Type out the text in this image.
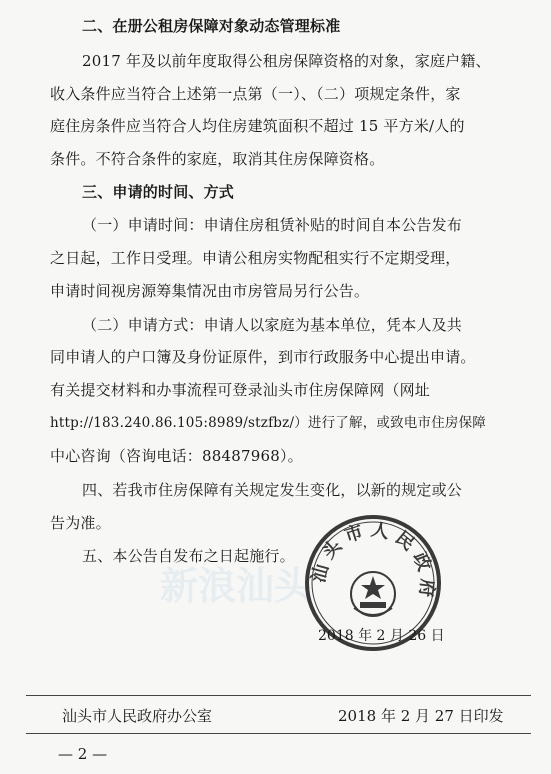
新浪汕头
二、在册公租房保障对象动态管理标准
2017 年及以前年度取得公租房保障资格的对象，家庭户籍、
收入条件应当符合上述第一点第（一）、（二）项规定条件，家
庭住房条件应当符合人均住房建筑面积不超过 15 平方米/人的
条件。不符合条件的家庭，取消其住房保障资格。
三、申请的时间、方式
（一）申请时间：申请住房租赁补贴的时间自本公告发布
之日起，工作日受理。申请公租房实物配租实行不定期受理，
申请时间视房源筹集情况由市房管局另行公告。
（二）申请方式：申请人以家庭为基本单位，凭本人及共
同申请人的户口簿及身份证原件，到市行政服务中心提出申请。
有关提交材料和办事流程可登录汕头市住房保障网（网址
http://183.240.86.105:8989/stzfbz/）进行了解，或致电市住房保障
中心咨询（咨询电话：88487968）。
四、若我市住房保障有关规定发生变化，以新的规定或公
告为准。
五、本公告自发布之日起施行。
汕头市人民政府
2018 年 2 月 26 日
汕头市人民政府办公室	2018 年 2 月 27 日印发
— 2 —
